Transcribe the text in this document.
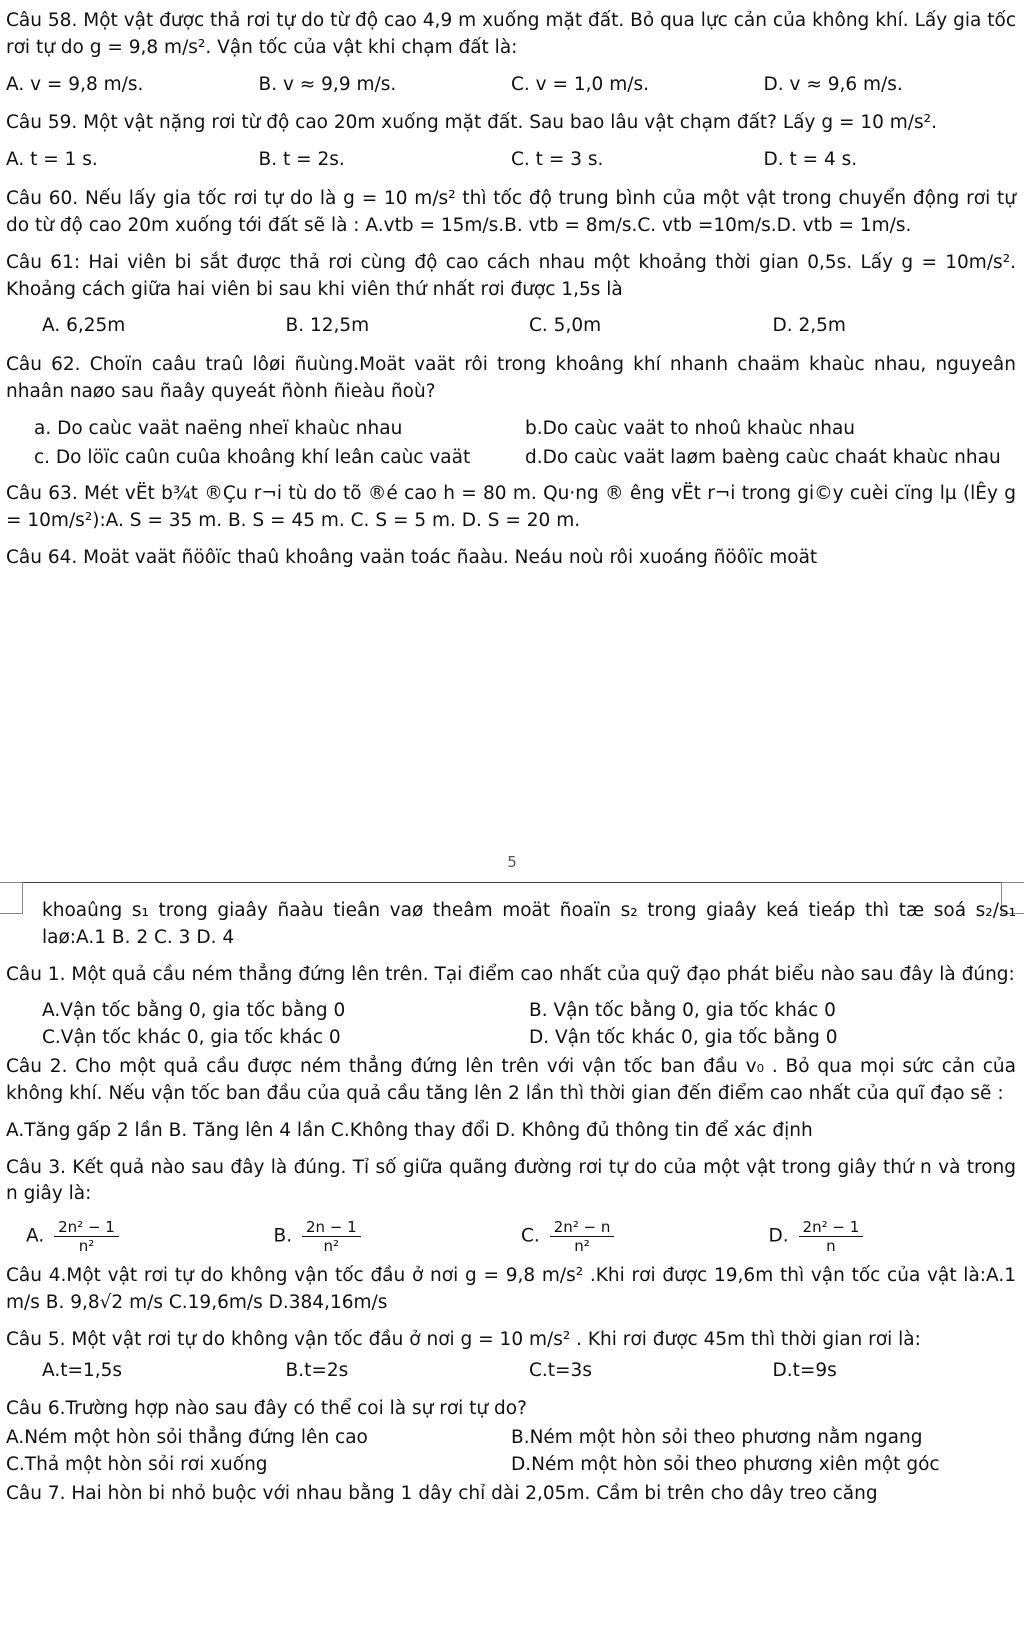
Câu 58. Một vật được thả rơi tự do từ độ cao 4,9 m xuống mặt đất. Bỏ qua lực cản của không khí. Lấy gia tốc rơi tự do g = 9,8 m/s². Vận tốc của vật khi chạm đất là:

A. v = 9,8 m/s.	B. v ≈ 9,9 m/s.	C. v = 1,0 m/s.	D. v ≈ 9,6 m/s.

Câu 59. Một vật nặng rơi từ độ cao 20m xuống mặt đất. Sau bao lâu vật chạm đất? Lấy g = 10 m/s².

A. t = 1 s.	B. t = 2s.	C. t = 3 s.	D. t = 4 s.

Câu 60. Nếu lấy gia tốc rơi tự do là g = 10 m/s² thì tốc độ trung bình của một vật trong chuyển động rơi tự do từ độ cao 20m xuống tới đất sẽ là : A.vtb = 15m/s.B. vtb = 8m/s.C. vtb =10m/s.D. vtb = 1m/s.

Câu 61: Hai viên bi sắt được thả rơi cùng độ cao cách nhau một khoảng thời gian 0,5s. Lấy g = 10m/s². Khoảng cách giữa hai viên bi sau khi viên thứ nhất rơi được 1,5s là

A. 6,25m	B. 12,5m	C. 5,0m	D. 2,5m

Câu 62. Choïn caâu traû lôøi ñuùng.Moät vaät rôi trong khoâng khí nhanh chaäm khaùc nhau, nguyeân nhaân naøo sau ñaây quyeát ñònh ñieàu ñoù?

a. Do caùc vaät naëng nheï khaùc nhau	b.Do caùc vaät to nhoû khaùc nhau
c. Do löïc caûn cuûa khoâng khí leân caùc vaät	d.Do caùc vaät laøm baèng caùc chaát khaùc nhau

Câu 63. Mét vËt b¾t ®Çu r¬i tù do tõ ®é cao h = 80 m. Qu·ng ® êng vËt r¬i trong gi©y cuèi cïng lµ (lÊy g = 10m/s²):A. S = 35 m. B. S = 45 m. C. S = 5 m. D. S = 20 m.

Câu 64. Moät vaät ñöôïc thaû khoâng vaän toác ñaàu. Neáu noù rôi xuoáng ñöôïc moät

5

khoaûng s₁ trong giaây ñaàu tieân vaø theâm moät ñoaïn s₂ trong giaây keá tieáp thì tæ soá s₂/s₁ laø:A.1 B. 2 C. 3 D. 4

Câu 1. Một quả cầu ném thẳng đứng lên trên. Tại điểm cao nhất của quỹ đạo phát biểu nào sau đây là đúng:

A.Vận tốc bằng 0, gia tốc bằng 0	B. Vận tốc bằng 0, gia tốc khác 0
C.Vận tốc khác 0, gia tốc khác 0	D. Vận tốc khác 0, gia tốc bằng 0

Câu 2. Cho một quả cầu được ném thẳng đứng lên trên với vận tốc ban đầu v₀ . Bỏ qua mọi sức cản của không khí. Nếu vận tốc ban đầu của quả cầu tăng lên 2 lần thì thời gian đến điểm cao nhất của quĩ đạo sẽ :

A.Tăng gấp 2 lần B. Tăng lên 4 lần C.Không thay đổi D. Không đủ thông tin để xác định

Câu 3. Kết quả nào sau đây là đúng. Tỉ số giữa quãng đường rơi tự do của một vật trong giây thứ n và trong n giây là:

A. $\frac{\text{2n² − 1}}{\text{n²}}$	B. $\frac{2n - 1}{\text{n²}}$	C. $\frac{\text{2n² − n}}{\text{n²}}$	D. $\frac{\text{2n² − 1}}{n}$

Câu 4.Một vật rơi tự do không vận tốc đầu ở nơi g = 9,8 m/s² .Khi rơi được 19,6m thì vận tốc của vật là:A.1 m/s B. 9,8√2 m/s C.19,6m/s D.384,16m/s

Câu 5. Một vật rơi tự do không vận tốc đầu ở nơi g = 10 m/s² . Khi rơi được 45m thì thời gian rơi là:

A.t=1,5s	B.t=2s	C.t=3s	D.t=9s

Câu 6.Trường hợp nào sau đây có thể coi là sự rơi tự do?

A.Ném một hòn sỏi thẳng đứng lên cao	B.Ném một hòn sỏi theo phương nằm ngang
C.Thả một hòn sỏi rơi xuống	D.Ném một hòn sỏi theo phương xiên một góc

Câu 7. Hai hòn bi nhỏ buộc với nhau bằng 1 dây chỉ dài 2,05m. Cầm bi trên cho dây treo căng
